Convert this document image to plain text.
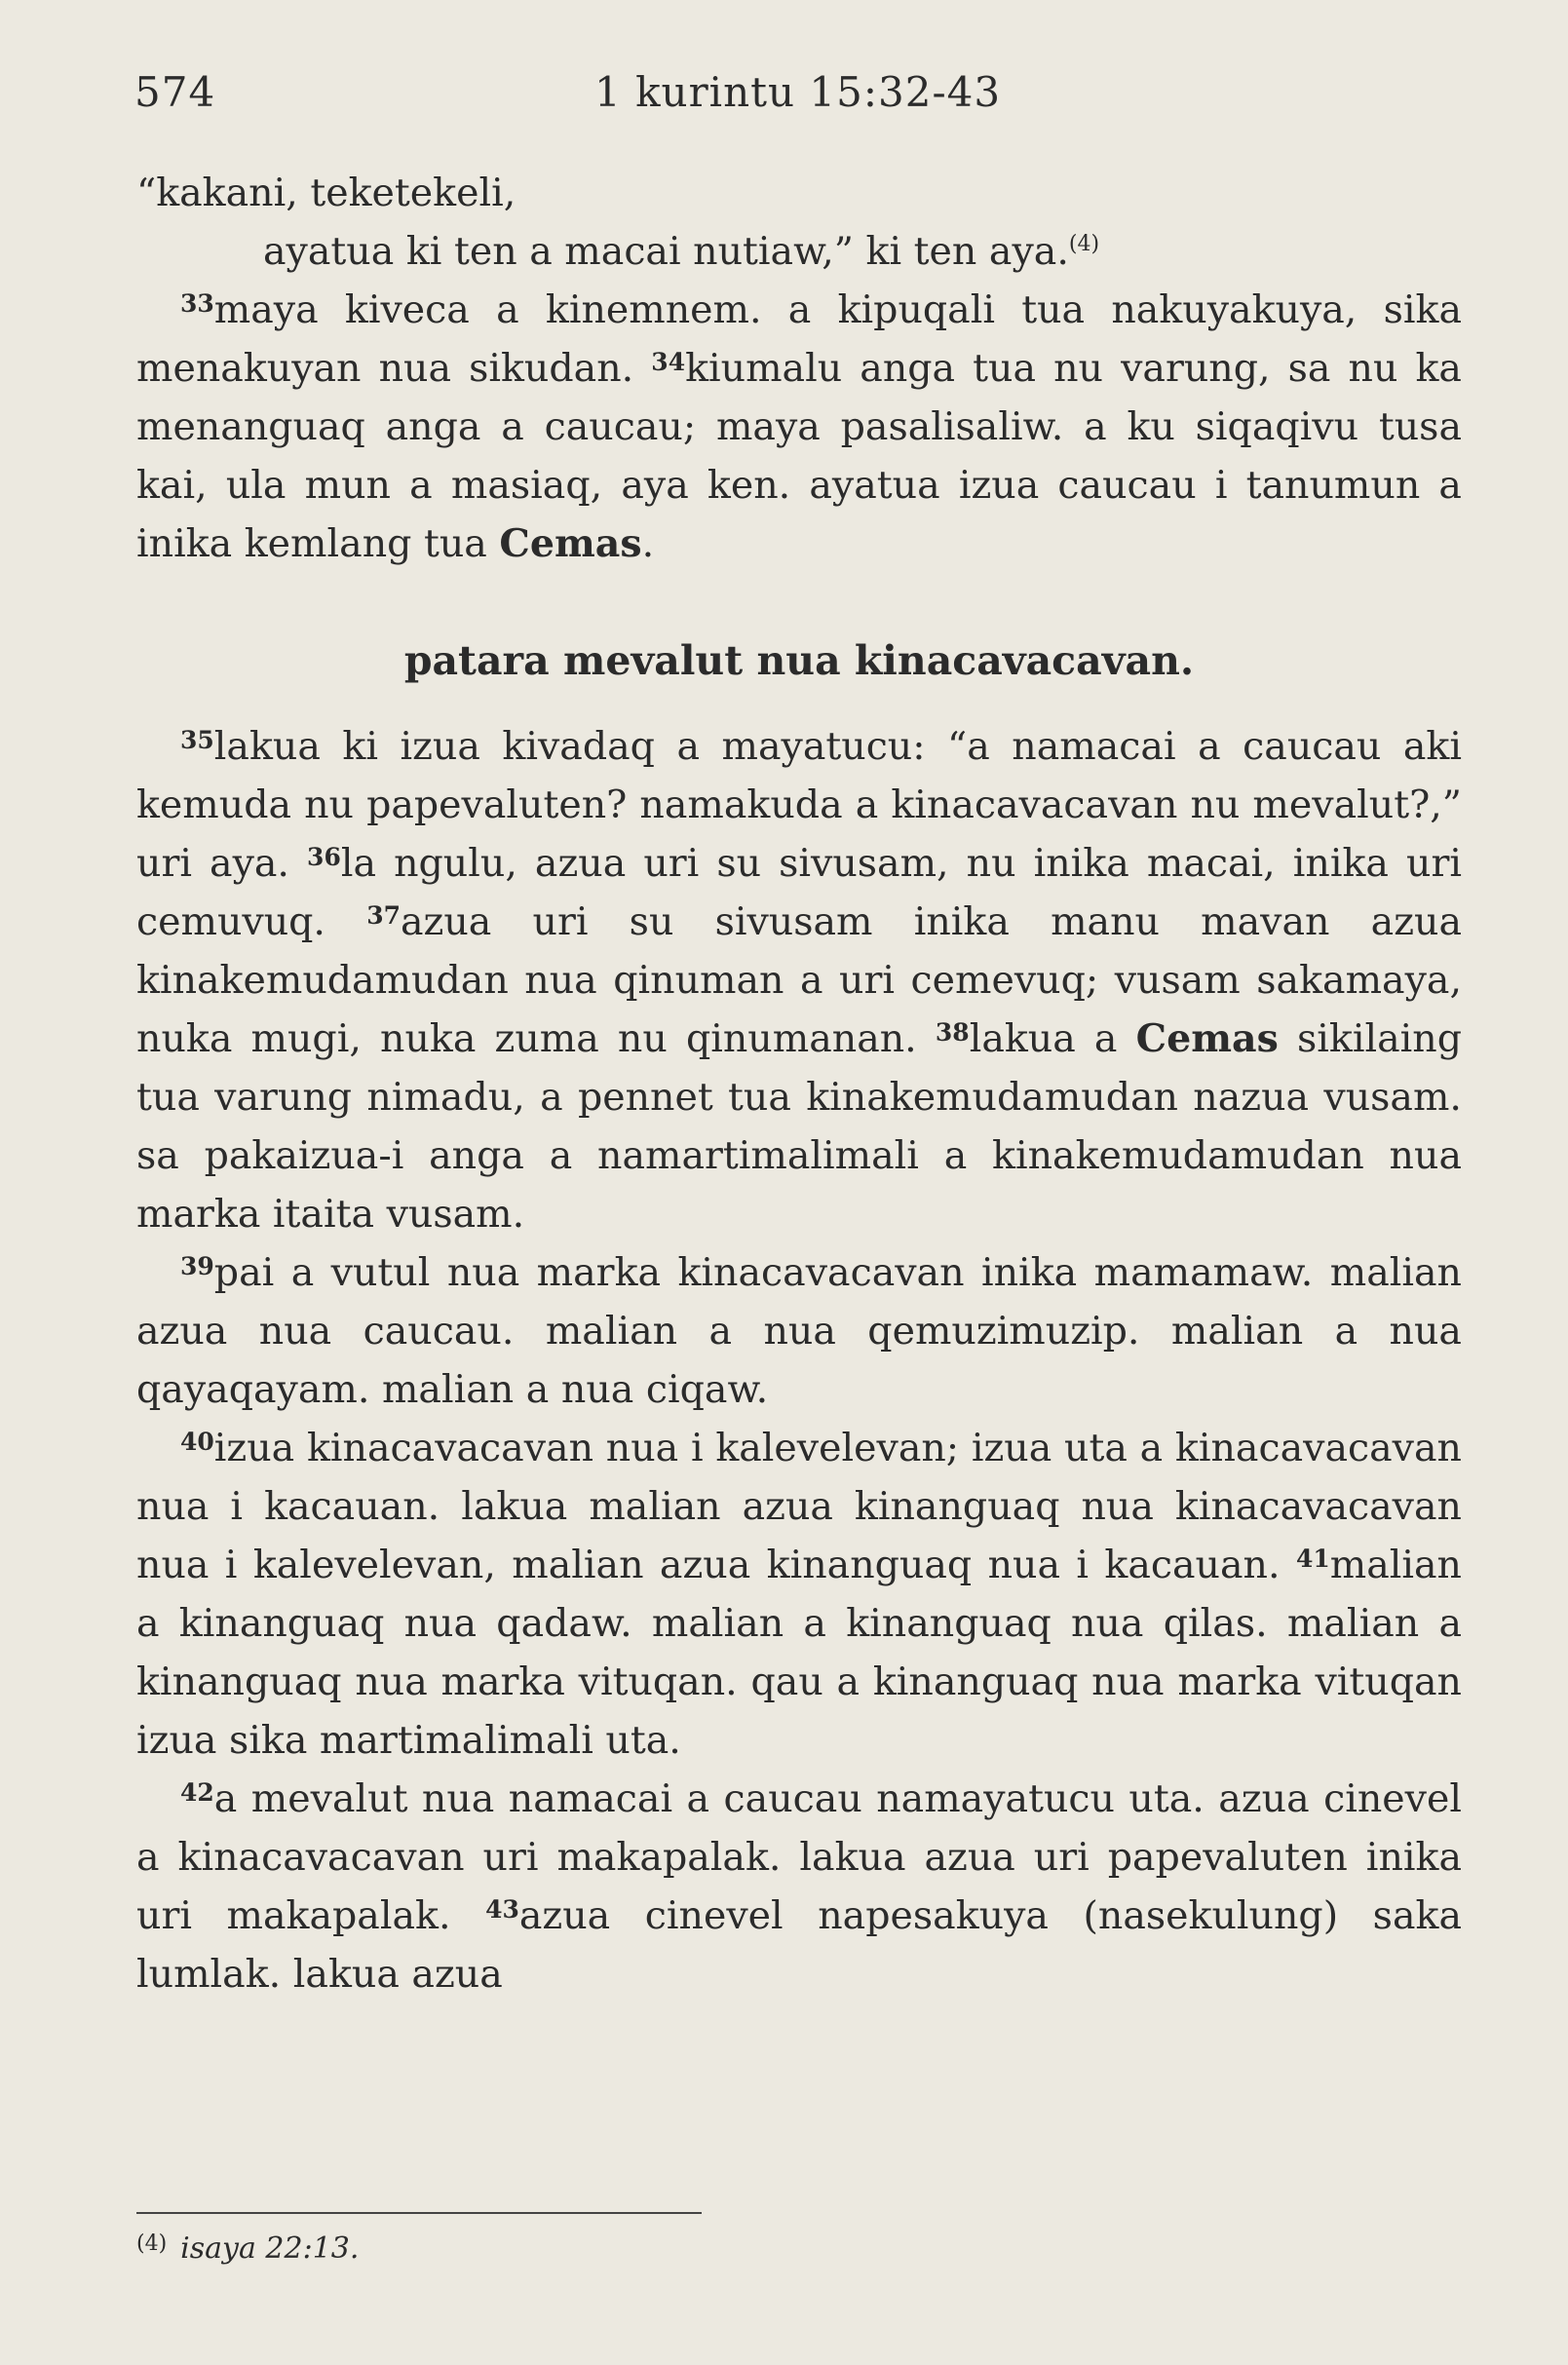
574	1 kurintu 15:32-43

“kakani, teketekeli,

ayatua ki ten a macai nutiaw,” ki ten aya.$^{(4)}$

$^{33}$maya kiveca a kinemnem. a kipuqali tua nakuyakuya, sika menakuyan nua sikudan. $^{34}$kiumalu anga tua nu varung, sa nu ka menanguaq anga a caucau; maya pasalisaliw. a ku siqaqivu tusa kai, ula mun a masiaq, aya ken. ayatua izua caucau i tanumun a inika kemlang tua Cemas.

patara mevalut nua kinacavacavan.

$^{35}$lakua ki izua kivadaq a mayatucu: “a namacai a caucau aki kemuda nu papevaluten? namakuda a kinacavacavan nu mevalut?,” uri aya. $^{36}$la ngulu, azua uri su sivusam, nu inika macai, inika uri cemuvuq. $^{37}$azua uri su sivusam inika manu mavan azua kinakemudamudan nua qinuman a uri cemevuq; vusam sakamaya, nuka mugi, nuka zuma nu qinumanan. $^{38}$lakua a Cemas sikilaing tua varung nimadu, a pennet tua kinakemudamudan nazua vusam. sa pakaizua-i anga a namartimalimali a kinakemudamudan nua marka itaita vusam.

$^{39}$pai a vutul nua marka kinacavacavan inika mamamaw. malian azua nua caucau. malian a nua qemuzimuzip. malian a nua qayaqayam. malian a nua ciqaw.

$^{40}$izua kinacavacavan nua i kalevelevan; izua uta a kinacavacavan nua i kacauan. lakua malian azua kinanguaq nua kinacavacavan nua i kalevelevan, malian azua kinanguaq nua i kacauan. $^{41}$malian a kinanguaq nua qadaw. malian a kinanguaq nua qilas. malian a kinanguaq nua marka vituqan. qau a kinanguaq nua marka vituqan izua sika martimalimali uta.

$^{42}$a mevalut nua namacai a caucau namayatucu uta. azua cinevel a kinacavacavan uri makapalak. lakua azua uri papevaluten inika uri makapalak. $^{43}$azua cinevel napesakuya (nasekulung) saka lumlak. lakua azua

$^{(4)}$ isaya 22:13.
